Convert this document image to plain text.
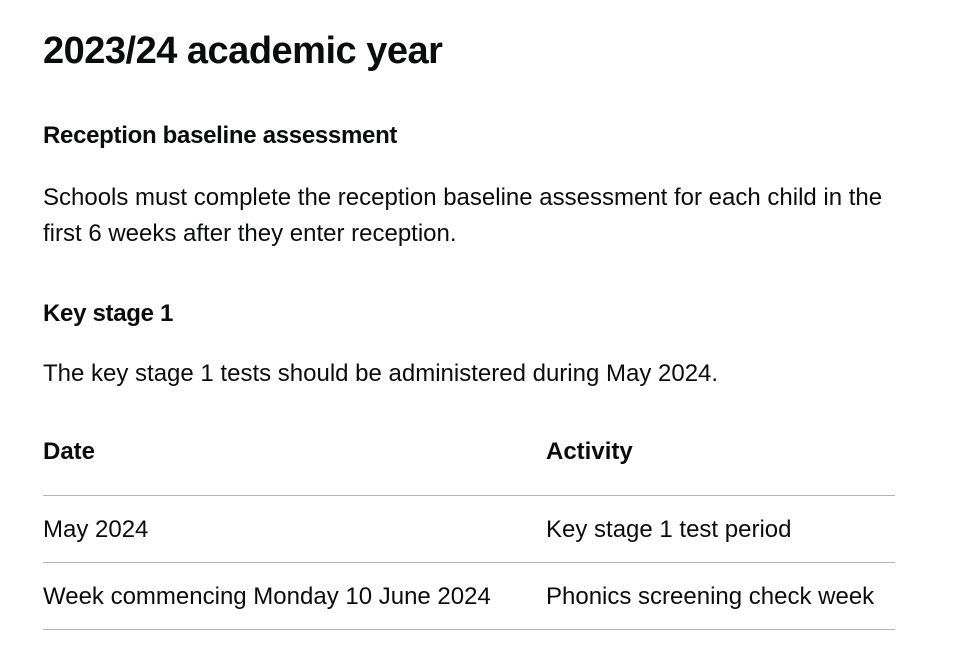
2023/24 academic year
Reception baseline assessment

Schools must complete the reception baseline assessment for each child in the first 6 weeks after they enter reception.

Key stage 1

The key stage 1 tests should be administered during May 2024.

Date	Activity
May 2024	Key stage 1 test period
Week commencing Monday 10 June 2024	Phonics screening check week
